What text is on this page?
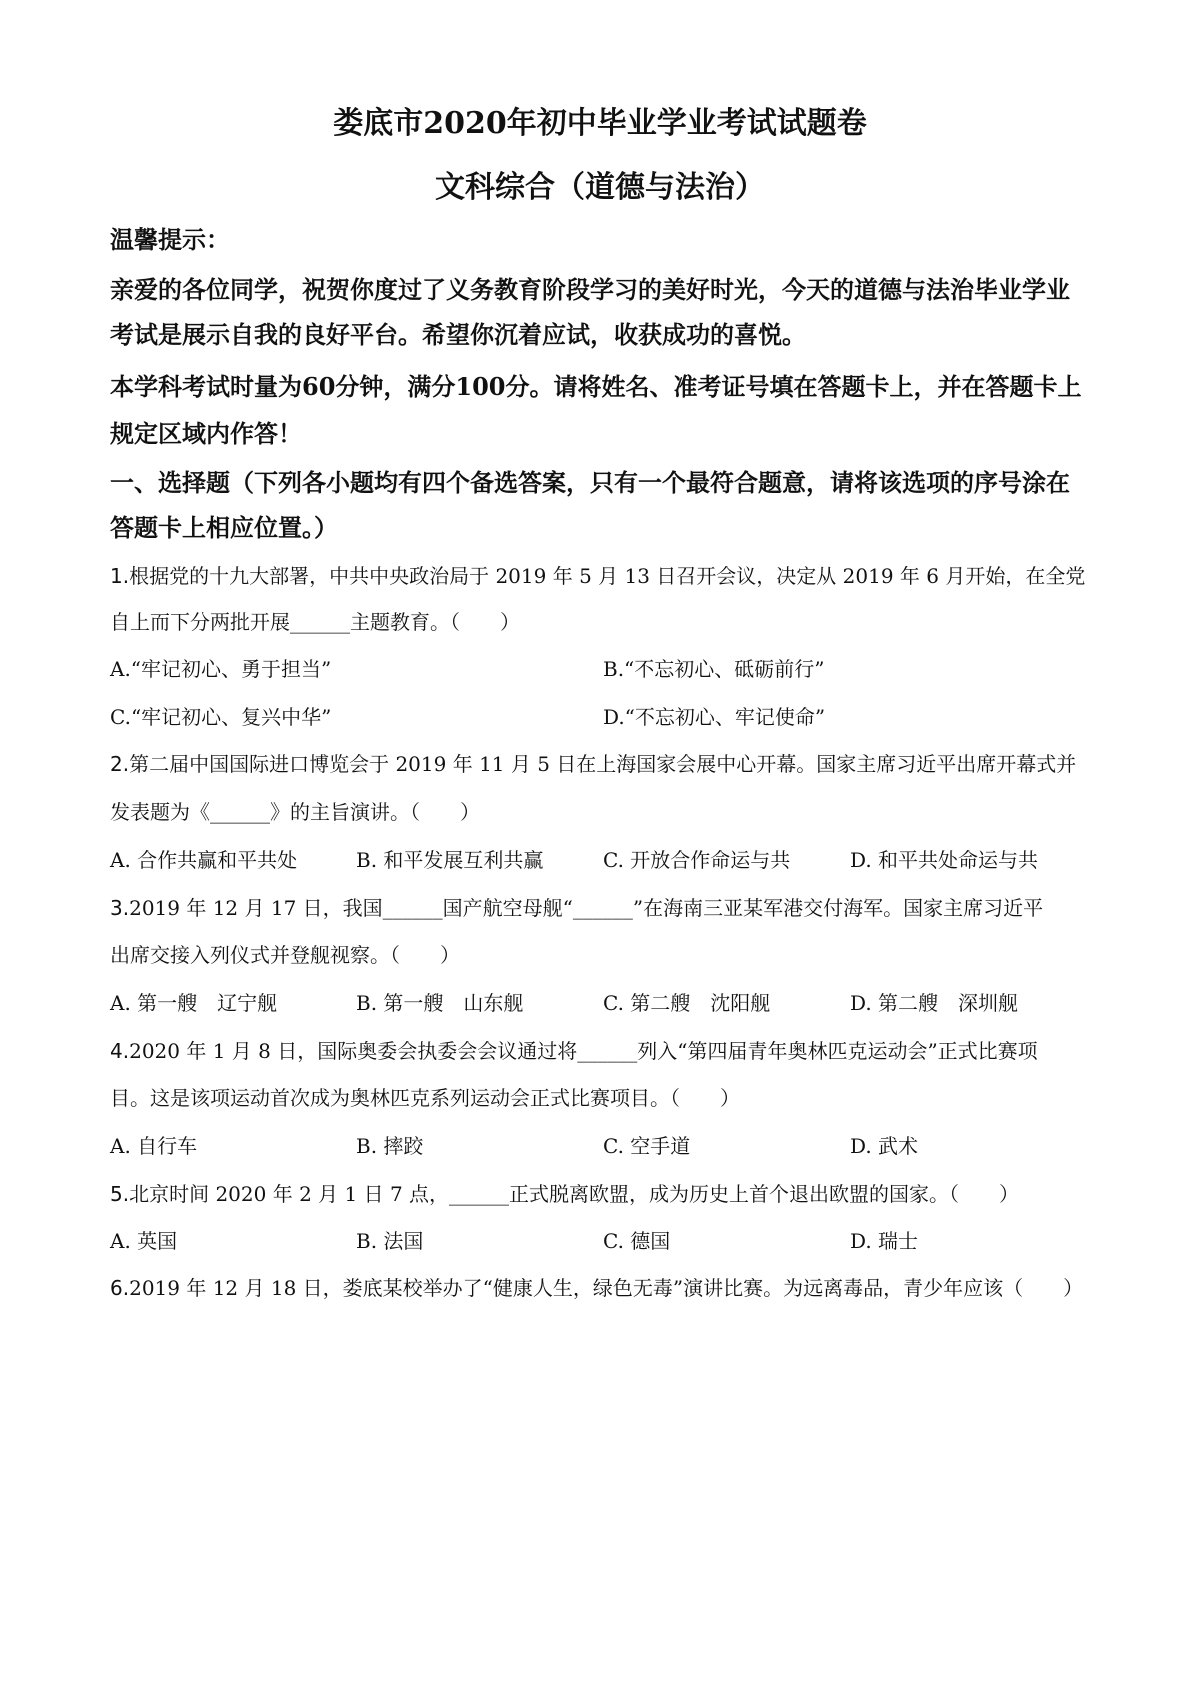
娄底市2020年初中毕业学业考试试题卷
文科综合（道德与法治）
温馨提示：
亲爱的各位同学，祝贺你度过了义务教育阶段学习的美好时光，今天的道德与法治毕业学业
考试是展示自我的良好平台。希望你沉着应试，收获成功的喜悦。
本学科考试时量为60分钟，满分100分。请将姓名、准考证号填在答题卡上，并在答题卡上
规定区域内作答！
一、选择题（下列各小题均有四个备选答案，只有一个最符合题意，请将该选项的序号涂在
答题卡上相应位置。）
1.根据党的十九大部署，中共中央政治局于 2019 年 5 月 13 日召开会议，决定从 2019 年 6 月开始，在全党
自上而下分两批开展______主题教育。（　　）
A.“牢记初心、勇于担当”	B.“不忘初心、砥砺前行”
C.“牢记初心、复兴中华”	D.“不忘初心、牢记使命”
2.第二届中国国际进口博览会于 2019 年 11 月 5 日在上海国家会展中心开幕。国家主席习近平出席开幕式并
发表题为《______》的主旨演讲。（　　）
A. 合作共赢和平共处	B. 和平发展互利共赢	C. 开放合作命运与共	D. 和平共处命运与共
3.2019 年 12 月 17 日，我国______国产航空母舰“______”在海南三亚某军港交付海军。国家主席习近平
出席交接入列仪式并登舰视察。（　　）
A. 第一艘　辽宁舰	B. 第一艘　山东舰	C. 第二艘　沈阳舰	D. 第二艘　深圳舰
4.2020 年 1 月 8 日，国际奥委会执委会会议通过将______列入“第四届青年奥林匹克运动会”正式比赛项
目。这是该项运动首次成为奥林匹克系列运动会正式比赛项目。（　　）
A. 自行车	B. 摔跤	C. 空手道	D. 武术
5.北京时间 2020 年 2 月 1 日 7 点，______正式脱离欧盟，成为历史上首个退出欧盟的国家。（　　）
A. 英国	B. 法国	C. 德国	D. 瑞士
6.2019 年 12 月 18 日，娄底某校举办了“健康人生，绿色无毒”演讲比赛。为远离毒品，青少年应该（　　）
